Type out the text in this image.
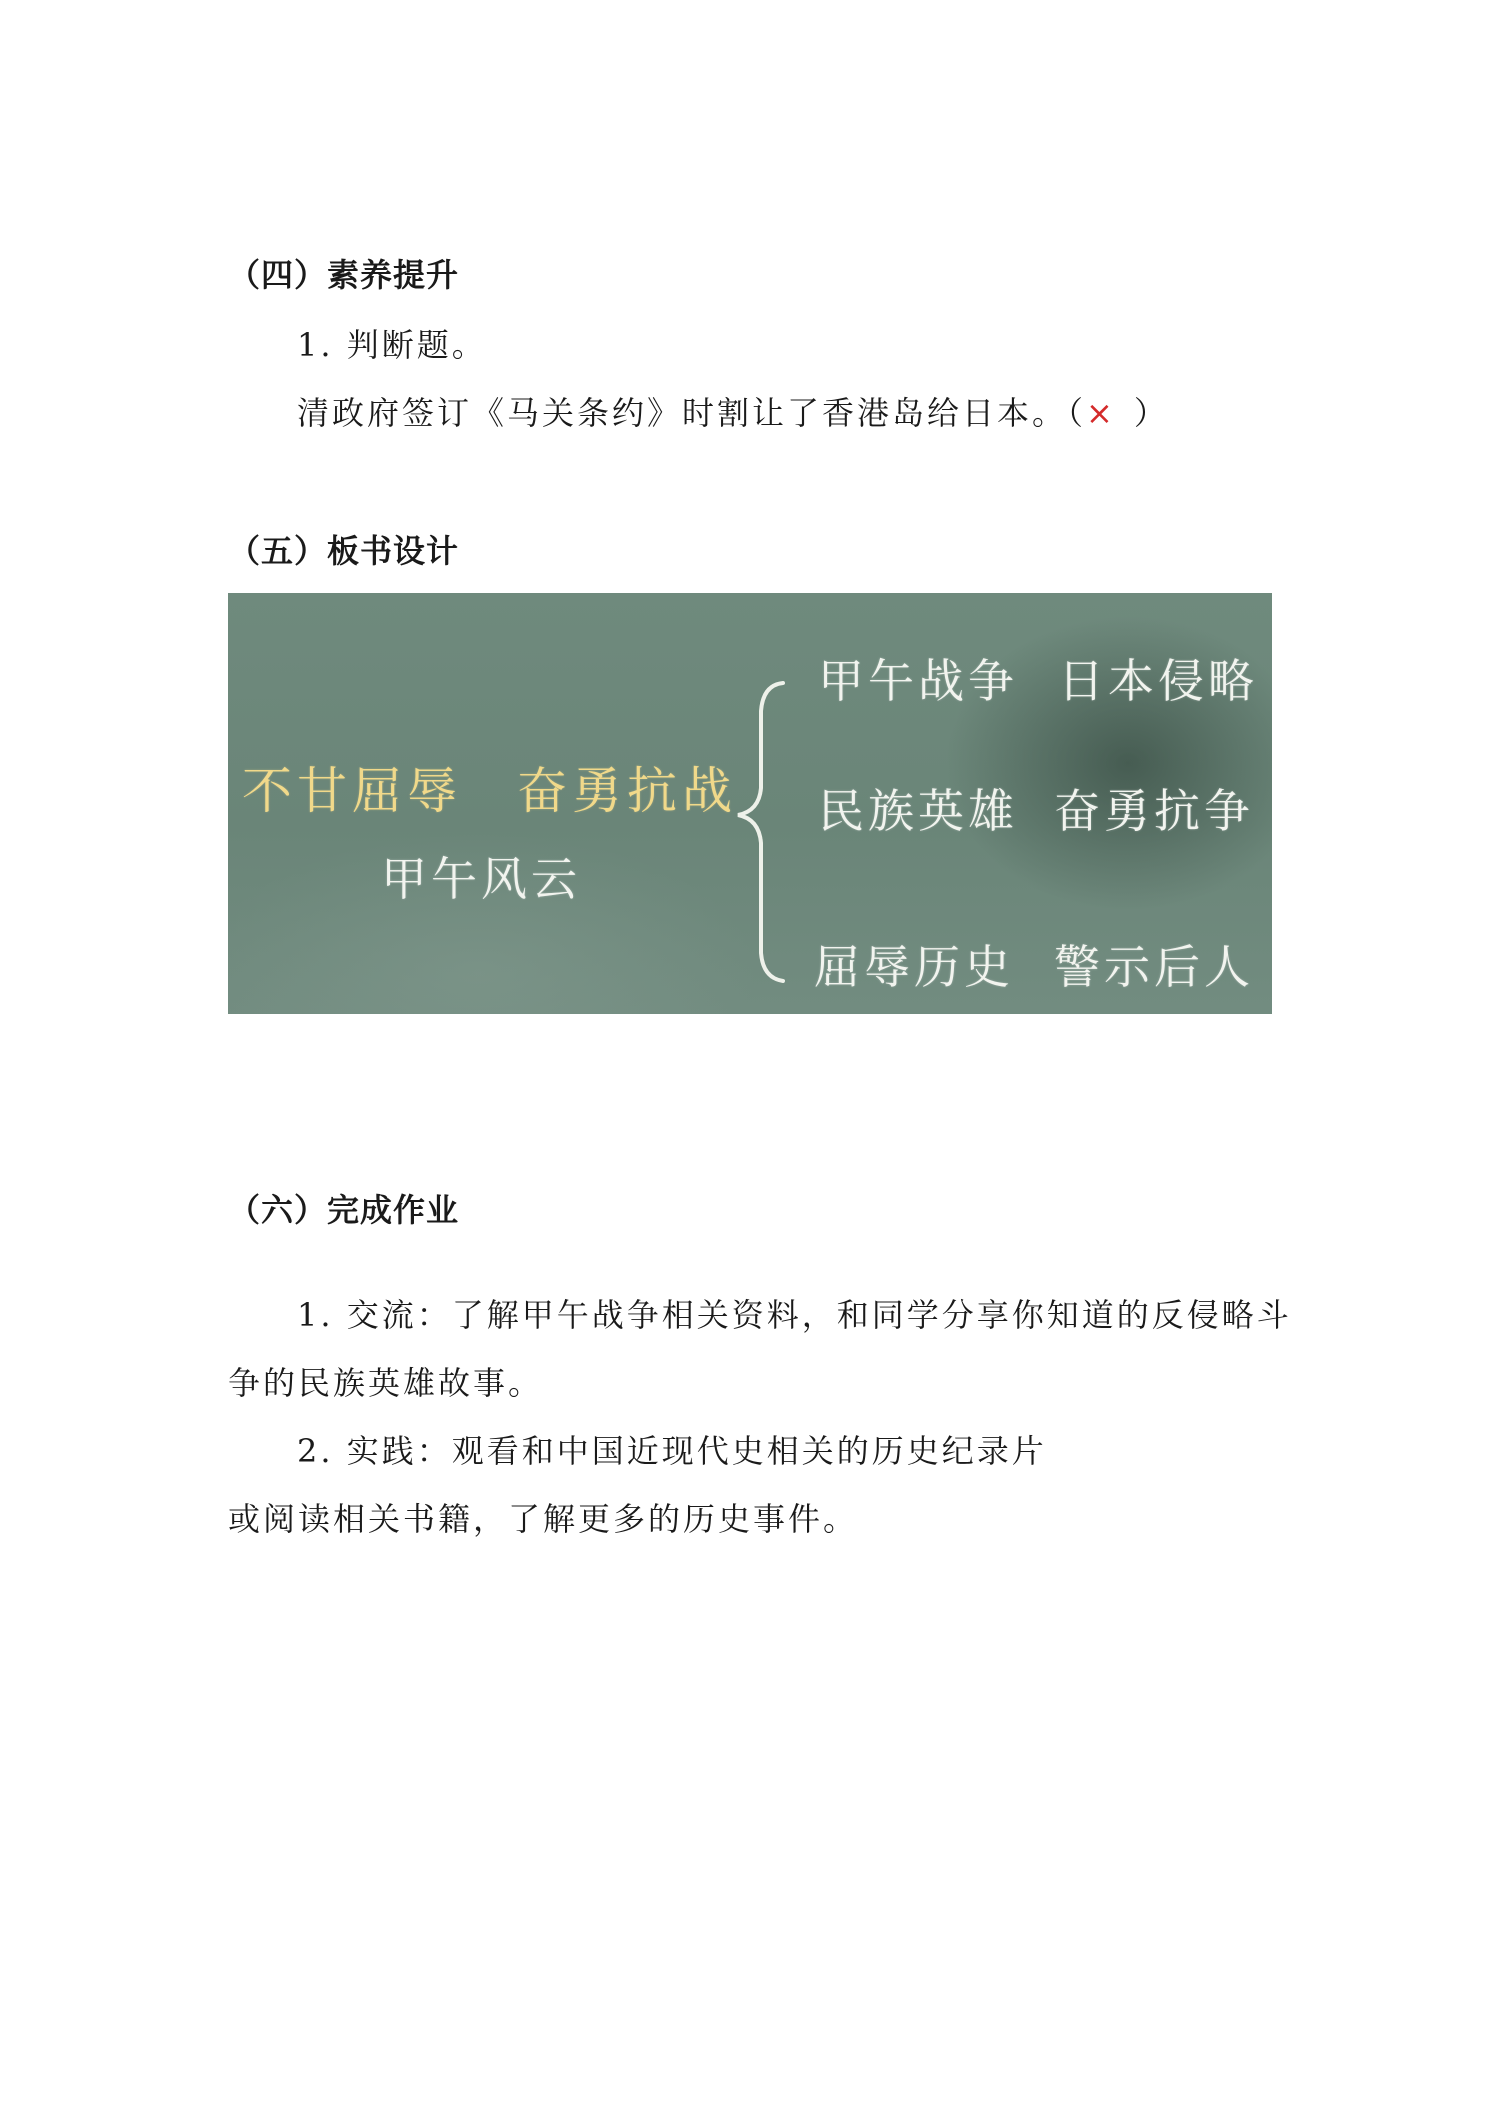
（四）素养提升
1. 判断题。
清政府签订《马关条约》时割让了香港岛给日本。（× ）
（五）板书设计
不甘屈辱　奋勇抗战
甲午风云
甲午战争 日本侵略
民族英雄 奋勇抗争
屈辱历史 警示后人
（六）完成作业
1. 交流：了解甲午战争相关资料，和同学分享你知道的反侵略斗
争的民族英雄故事。
2. 实践：观看和中国近现代史相关的历史纪录片
或阅读相关书籍，了解更多的历史事件。
